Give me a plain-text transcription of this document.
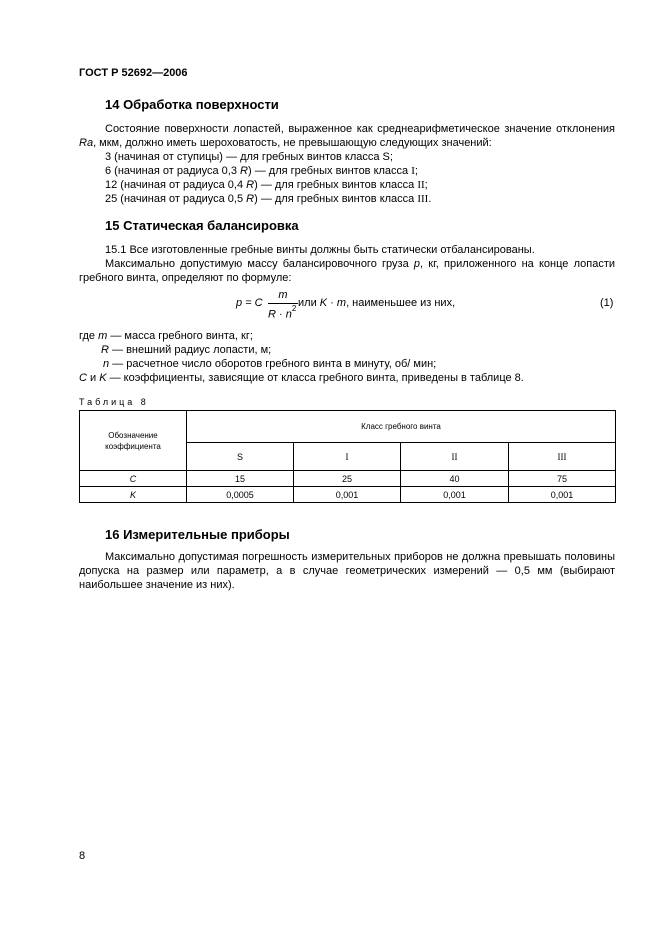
ГОСТ Р 52692—2006
14 Обработка поверхности
Состояние поверхности лопастей, выраженное как среднеарифметическое значение отклонения Ra, мкм, должно иметь шероховатость, не превышающую следующих значений:
3 (начиная от ступицы) — для гребных винтов класса S;
6 (начиная от радиуса 0,3 R) — для гребных винтов класса I;
12 (начиная от радиуса 0,4 R) — для гребных винтов класса II;
25 (начиная от радиуса 0,5 R) — для гребных винтов класса III.
15 Статическая балансировка
15.1 Все изготовленные гребные винты должны быть статически отбалансированы.
Максимально допустимую массу балансировочного груза p, кг, приложенного на конце лопасти гребного винта, определяют по формуле:
p = C
m
$R \cdot n^2$ или K · m, наименьшее из них,	(1)
где m — масса гребного винта, кг;
R — внешний радиус лопасти, м;
n — расчетное число оборотов гребного винта в минуту, об/ мин;
C и K — коэффициенты, зависящие от класса гребного винта, приведены в таблице 8.
Таблица 8
Обозначение коэффициента	Класс гребного винта			
	S	I	II	III
C	15	25	40	75
K	0,0005	0,001	0,001	0,001
16 Измерительные приборы
Максимально допустимая погрешность измерительных приборов не должна превышать половины допуска на размер или параметр, а в случае геометрических измерений — 0,5 мм (выбирают наибольшее значение из них).
8
